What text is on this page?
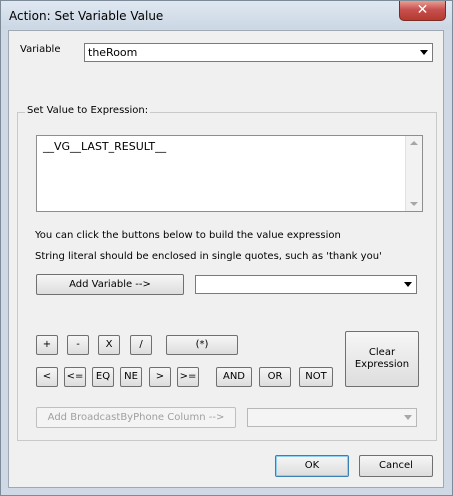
Action: Set Variable Value	✕
Variable	theRoom
Set Value to Expression:
__VG__LAST_RESULT__
You can click the buttons below to build the value expression
String literal should be enclosed in single quotes, such as 'thank you'
Add Variable -->
+	-	X	/	(*)
<	<=	EQ	NE	>	>=	AND	OR	NOT
Clear
Expression
Add BroadcastByPhone Column -->
OK	Cancel
